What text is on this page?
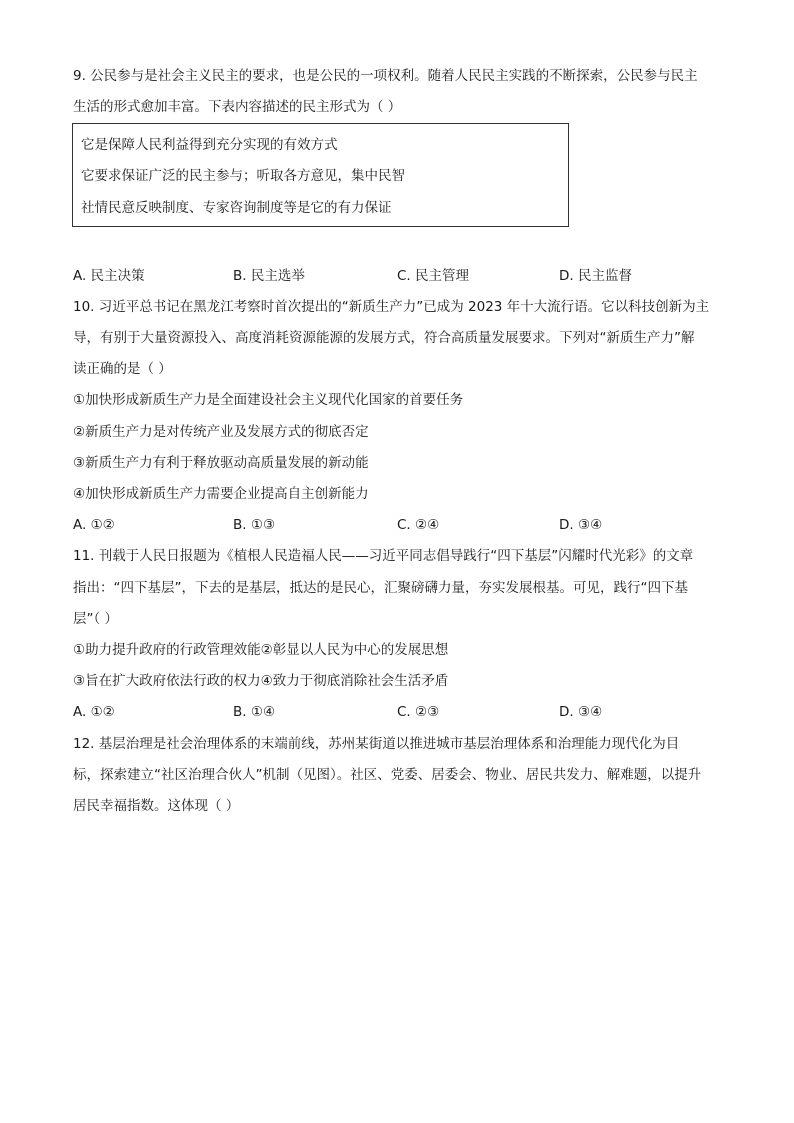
9. 公民参与是社会主义民主的要求，也是公民的一项权利。随着人民民主实践的不断探索，公民参与民主
生活的形式愈加丰富。下表内容描述的民主形式为（ ）
它是保障人民利益得到充分实现的有效方式
它要求保证广泛的民主参与；听取各方意见，集中民智
社情民意反映制度、专家咨询制度等是它的有力保证
A. 民主决策	B. 民主选举	C. 民主管理	D. 民主监督
10. 习近平总书记在黑龙江考察时首次提出的“新质生产力”已成为 2023 年十大流行语。它以科技创新为主
导，有别于大量资源投入、高度消耗资源能源的发展方式，符合高质量发展要求。下列对“新质生产力”解
读正确的是（ ）
①加快形成新质生产力是全面建设社会主义现代化国家的首要任务
②新质生产力是对传统产业及发展方式的彻底否定
③新质生产力有利于释放驱动高质量发展的新动能
④加快形成新质生产力需要企业提高自主创新能力
A. ①②	B. ①③	C. ②④	D. ③④
11. 刊载于人民日报题为《植根人民造福人民——习近平同志倡导践行“四下基层”闪耀时代光彩》的文章
指出：“四下基层”，下去的是基层，抵达的是民心，汇聚磅礴力量，夯实发展根基。可见，践行“四下基
层”（ ）
①助力提升政府的行政管理效能②彰显以人民为中心的发展思想
③旨在扩大政府依法行政的权力④致力于彻底消除社会生活矛盾
A. ①②	B. ①④	C. ②③	D. ③④
12. 基层治理是社会治理体系的末端前线，苏州某街道以推进城市基层治理体系和治理能力现代化为目
标，探索建立“社区治理合伙人”机制（见图）。社区、党委、居委会、物业、居民共发力、解难题，以提升
居民幸福指数。这体现（ ）
